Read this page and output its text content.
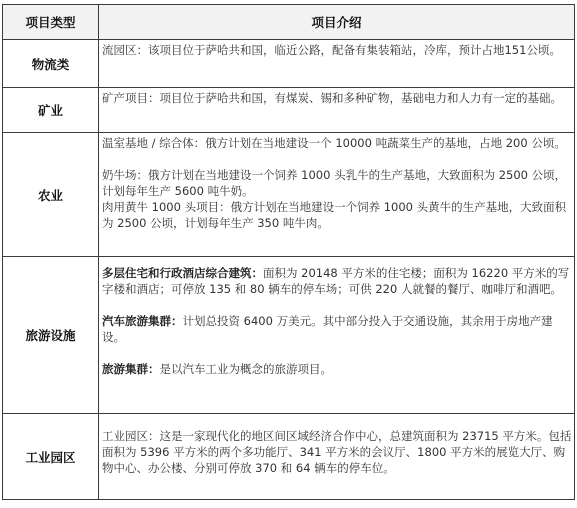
项目类型	项目介绍
物流类	流园区：该项目位于萨哈共和国，临近公路，配备有集装箱站，冷库，预计占地151公顷。

矿业	矿产项目：项目位于萨哈共和国，有煤炭、锡和多种矿物，基础电力和人力有一定的基础。

农业	温室基地 / 综合体：俄方计划在当地建设一个 10000 吨蔬菜生产的基地，占地 200 公顷。
奶牛场：俄方计划在当地建设一个饲养 1000 头乳牛的生产基地，大致面积为 2500 公顷，计划每年生产 5600 吨牛奶。
肉用黄牛 1000 头项目：俄方计划在当地建设一个饲养 1000 头黄牛的生产基地，大致面积为 2500 公顷，计划每年生产 350 吨牛肉。

旅游设施	多层住宅和行政酒店综合建筑：面积为 20148 平方米的住宅楼；面积为 16220 平方米的写字楼和酒店；可停放 135 和 80 辆车的停车场；可供 220 人就餐的餐厅、咖啡厅和酒吧。
汽车旅游集群：计划总投资 6400 万美元。其中部分投入于交通设施，其余用于房地产建设。
旅游集群：是以汽车工业为概念的旅游项目。

工业园区	工业园区：这是一家现代化的地区间区域经济合作中心，总建筑面积为 23715 平方米。包括面积为 5396 平方米的两个多功能厅、341 平方米的会议厅、1800 平方米的展览大厅、购物中心、办公楼、分别可停放 370 和 64 辆车的停车位。
